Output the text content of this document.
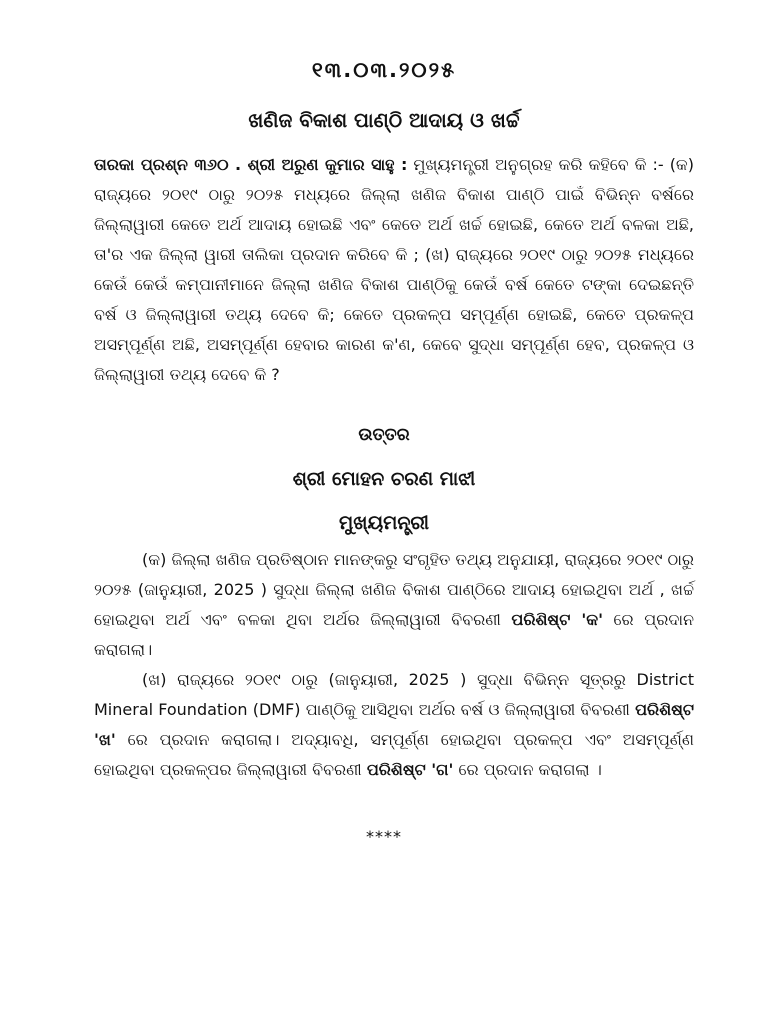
୧୩.୦୩.୨୦୨୫
ଖଣିଜ ବିକାଶ ପାଣ୍ଠି ଆଦାୟ ଓ ଖର୍ଚ୍ଚ
ତାରକା ପ୍ରଶ୍ନ ୩୬୦ . ଶ୍ରୀ ଅରୁଣ କୁମାର ସାହୁ : ମୁଖ୍ୟମନ୍ତ୍ରୀ ଅନୁଗ୍ରହ କରି କହିବେ କି :- (କ) ରାଜ୍ୟରେ ୨୦୧୯ ଠାରୁ ୨୦୨୫ ମଧ୍ୟରେ ଜିଲ୍ଲା ଖଣିଜ ବିକାଶ ପାଣ୍ଠି ପାଇଁ ବିଭିନ୍ନ ବର୍ଷରେ ଜିଲ୍ଲାୱାରୀ କେତେ ଅର୍ଥ ଆଦାୟ ହୋଇଛି ଏବଂ କେତେ ଅର୍ଥ ଖର୍ଚ୍ଚ ହୋଇଛି, କେତେ ଅର୍ଥ ବଳକା ଅଛି, ତା'ର ଏକ ଜିଲ୍ଲା ୱାରୀ ତାଲିକା ପ୍ରଦାନ କରିବେ କି ; (ଖ) ରାଜ୍ୟରେ ୨୦୧୯ ଠାରୁ ୨୦୨୫ ମଧ୍ୟରେ କେଉଁ କେଉଁ କମ୍ପାନୀମାନେ ଜିଲ୍ଲା ଖଣିଜ ବିକାଶ ପାଣ୍ଠିକୁ କେଉଁ ବର୍ଷ କେତେ ଟଙ୍କା ଦେଇଛନ୍ତି ବର୍ଷ ଓ ଜିଲ୍ଲାୱାରୀ ତଥ୍ୟ ଦେବେ କି; କେତେ ପ୍ରକଳ୍ପ ସମ୍ପୂର୍ଣ୍ଣ ହୋଇଛି, କେତେ ପ୍ରକଳ୍ପ ଅସମ୍ପୂର୍ଣ୍ଣ ଅଛି, ଅସମ୍ପୂର୍ଣ୍ଣ ହେବାର କାରଣ କ'ଣ, କେବେ ସୁଦ୍ଧା ସମ୍ପୂର୍ଣ୍ଣ ହେବ, ପ୍ରକଳ୍ପ ଓ ଜିଲ୍ଲାୱାରୀ ତଥ୍ୟ ଦେବେ କି ?
ଉତ୍ତର
ଶ୍ରୀ ମୋହନ ଚରଣ ମାଝୀ
ମୁଖ୍ୟମନ୍ତ୍ରୀ

(କ) ଜିଲ୍ଲା ଖଣିଜ ପ୍ରତିଷ୍ଠାନ ମାନଙ୍କରୁ ସଂଗୃହିତ ତଥ୍ୟ ଅନୁଯାୟୀ, ରାଜ୍ୟରେ ୨୦୧୯ ଠାରୁ ୨୦୨୫ (ଜାନୁୟାରୀ, 2025 ) ସୁଦ୍ଧା ଜିଲ୍ଲା ଖଣିଜ ବିକାଶ ପାଣ୍ଠିରେ ଆଦାୟ ହୋଇଥିବା ଅର୍ଥ , ଖର୍ଚ୍ଚ ହୋଇଥିବା ଅର୍ଥ ଏବଂ ବଳକା ଥିବା ଅର୍ଥର ଜିଲ୍ଲାୱାରୀ ବିବରଣୀ ପରିଶିଷ୍ଟ 'କ' ରେ ପ୍ରଦାନ କରାଗଲା।

(ଖ) ରାଜ୍ୟରେ ୨୦୧୯ ଠାରୁ (ଜାନୁୟାରୀ, 2025 ) ସୁଦ୍ଧା ବିଭିନ୍ନ ସୂତ୍ରରୁ District Mineral Foundation (DMF) ପାଣ୍ଠିକୁ ଆସିଥିବା ଅର୍ଥର ବର୍ଷ ଓ ଜିଲ୍ଲାୱାରୀ ବିବରଣୀ ପରିଶିଷ୍ଟ 'ଖ' ରେ ପ୍ରଦାନ କରାଗଲା। ଅଦ୍ୟାବଧି, ସମ୍ପୂର୍ଣ୍ଣ ହୋଇଥିବା ପ୍ରକଳ୍ପ ଏବଂ ଅସମ୍ପୂର୍ଣ୍ଣ ହୋଇଥିବା ପ୍ରକଳ୍ପର ଜିଲ୍ଲାୱାରୀ ବିବରଣୀ ପରିଶିଷ୍ଟ 'ଗ' ରେ ପ୍ରଦାନ କରାଗଲା ।

****
